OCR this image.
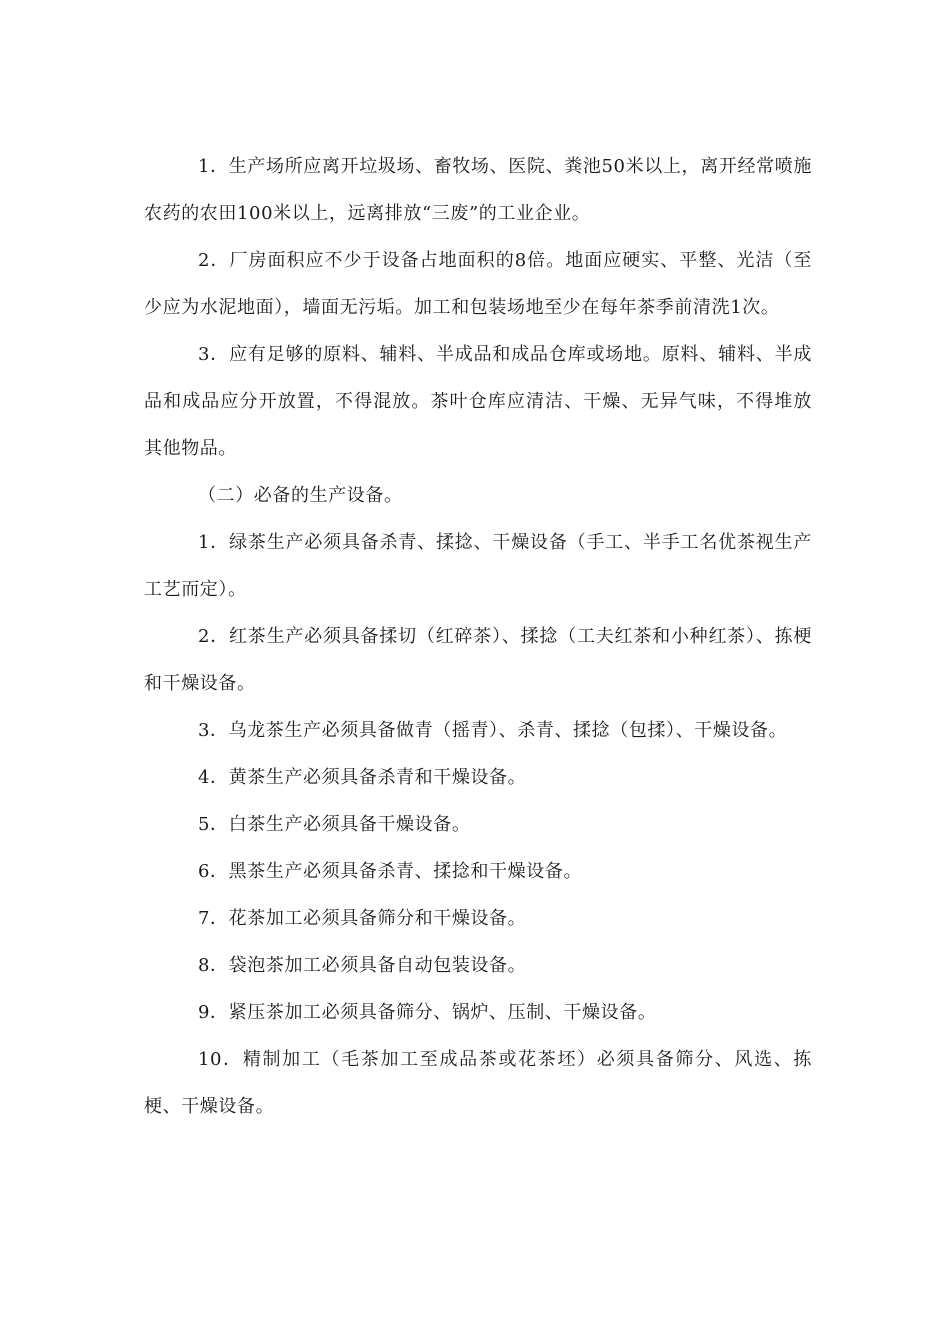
1．生产场所应离开垃圾场、畜牧场、医院、粪池50米以上，离开经常喷施农药的农田100米以上，远离排放“三废”的工业企业。

2．厂房面积应不少于设备占地面积的8倍。地面应硬实、平整、光洁（至少应为水泥地面），墙面无污垢。加工和包装场地至少在每年茶季前清洗1次。

3．应有足够的原料、辅料、半成品和成品仓库或场地。原料、辅料、半成品和成品应分开放置，不得混放。茶叶仓库应清洁、干燥、无异气味，不得堆放其他物品。

（二）必备的生产设备。

1．绿茶生产必须具备杀青、揉捻、干燥设备（手工、半手工名优茶视生产工艺而定）。

2．红茶生产必须具备揉切（红碎茶）、揉捻（工夫红茶和小种红茶）、拣梗和干燥设备。

3．乌龙茶生产必须具备做青（摇青）、杀青、揉捻（包揉）、干燥设备。

4．黄茶生产必须具备杀青和干燥设备。

5．白茶生产必须具备干燥设备。

6．黑茶生产必须具备杀青、揉捻和干燥设备。

7．花茶加工必须具备筛分和干燥设备。

8．袋泡茶加工必须具备自动包装设备。

9．紧压茶加工必须具备筛分、锅炉、压制、干燥设备。

10．精制加工（毛茶加工至成品茶或花茶坯）必须具备筛分、风选、拣梗、干燥设备。
